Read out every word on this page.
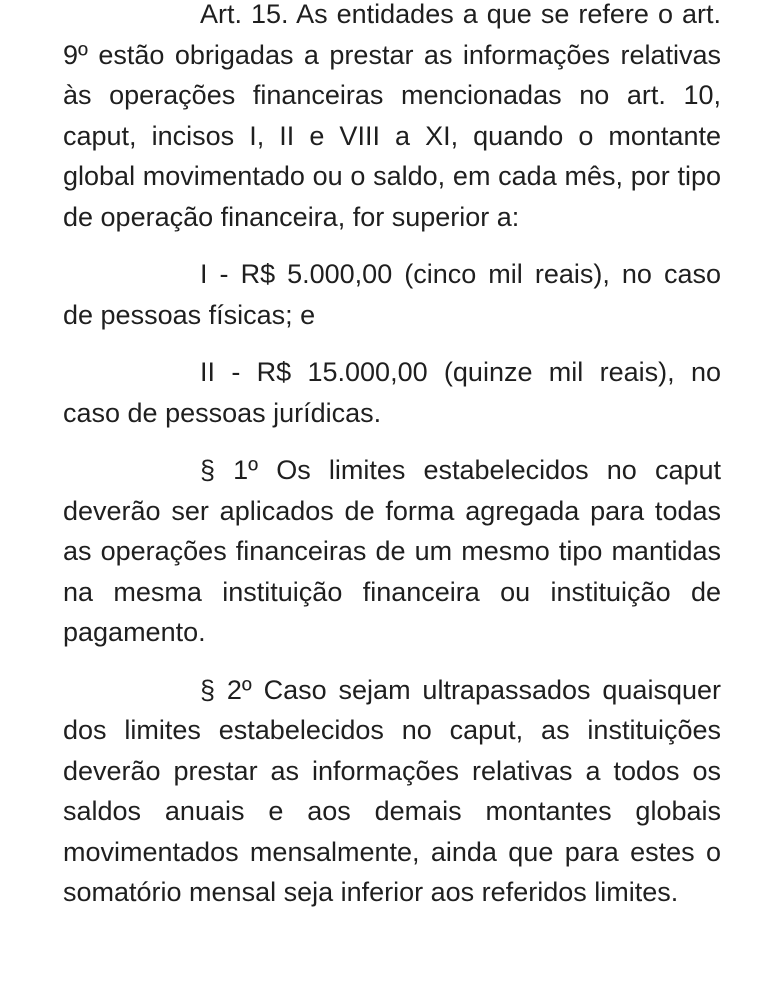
Art. 15. As entidades a que se refere o art. 9º estão obrigadas a prestar as informações relativas às operações financeiras mencionadas no art. 10, caput, incisos I, II e VIII a XI, quando o montante global movimentado ou o saldo, em cada mês, por tipo de operação financeira, for superior a:

I - R$ 5.000,00 (cinco mil reais), no caso de pessoas físicas; e

II - R$ 15.000,00 (quinze mil reais), no caso de pessoas jurídicas.

§ 1º Os limites estabelecidos no caput deverão ser aplicados de forma agregada para todas as operações financeiras de um mesmo tipo mantidas na mesma instituição financeira ou instituição de pagamento.

§ 2º Caso sejam ultrapassados quaisquer dos limites estabelecidos no caput, as instituições deverão prestar as informações relativas a todos os saldos anuais e aos demais montantes globais movimentados mensalmente, ainda que para estes o somatório mensal seja inferior aos referidos limites.
